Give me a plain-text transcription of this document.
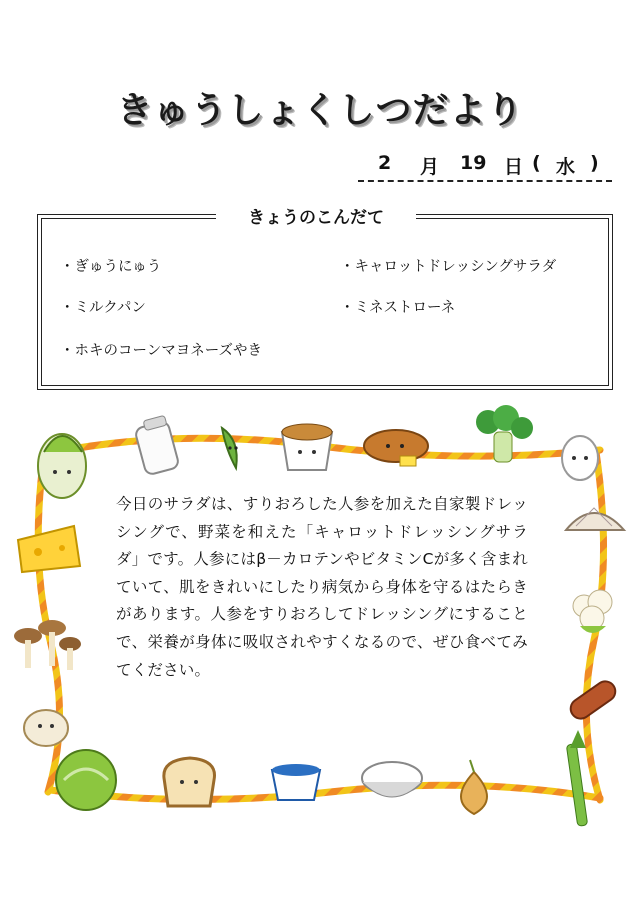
きゅうしょくしつだより
2 月 19 日 ( 水 )
きょうのこんだて
・ぎゅうにゅう	・キャロットドレッシングサラダ
・ミルクパン	・ミネストローネ
・ホキのコーンマヨネーズやき
今日のサラダは、すりおろした人参を加えた自家製ドレッシングで、野菜を和えた「キャロットドレッシングサラダ」です。人参にはβ－カロテンやビタミンCが多く含まれていて、肌をきれいにしたり病気から身体を守るはたらきがあります。人参をすりおろしてドレッシングにすることで、栄養が身体に吸収されやすくなるので、ぜひ食べてみてください。
